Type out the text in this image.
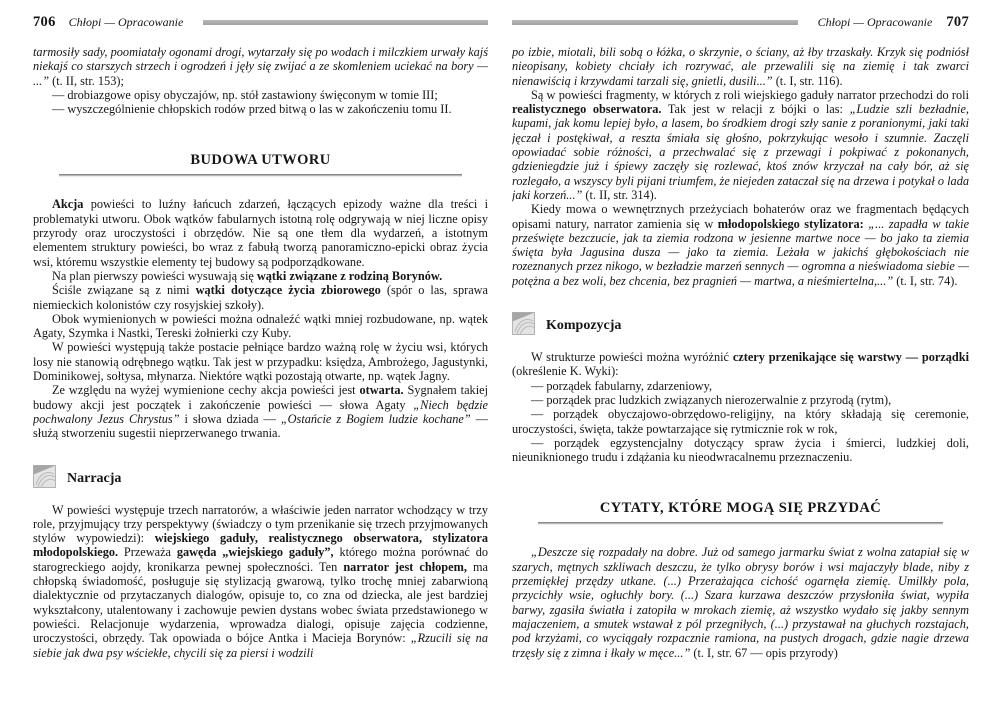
706 Chłopi — Opracowanie

tarmosiły sady, poomiatały ogonami drogi, wytarzały się po wodach i milczkiem urwały kajś niekajś co starszych strzech i ogrodzeń i jęły się zwijać a ze skomleniem uciekać na bory — ...” (t. II, str. 153);

— drobiazgowe opisy obyczajów, np. stół zastawiony święconym w tomie III;

— wyszczególnienie chłopskich rodów przed bitwą o las w zakończeniu tomu II.

BUDOWA UTWORU

Akcja powieści to luźny łańcuch zdarzeń, łączących epizody ważne dla treści i problematyki utworu. Obok wątków fabularnych istotną rolę odgrywają w niej liczne opisy przyrody oraz uroczystości i obrzędów. Nie są one tłem dla wydarzeń, a istotnym elementem struktury powieści, bo wraz z fabułą tworzą panoramiczno-epicki obraz życia wsi, któremu wszystkie elementy tej budowy są podporządkowane.

Na plan pierwszy powieści wysuwają się wątki związane z rodziną Borynów.

Ściśle związane są z nimi wątki dotyczące życia zbiorowego (spór o las, sprawa niemieckich kolonistów czy rosyjskiej szkoły).

Obok wymienionych w powieści można odnaleźć wątki mniej rozbudowane, np. wątek Agaty, Szymka i Nastki, Tereski żołnierki czy Kuby.

W powieści występują także postacie pełniące bardzo ważną rolę w życiu wsi, których losy nie stanowią odrębnego wątku. Tak jest w przypadku: księdza, Ambrożego, Jagustynki, Dominikowej, sołtysa, młynarza. Niektóre wątki pozostają otwarte, np. wątek Jagny.

Ze względu na wyżej wymienione cechy akcja powieści jest otwarta. Sygnałem takiej budowy akcji jest początek i zakończenie powieści — słowa Agaty „Niech będzie pochwalony Jezus Chrystus” i słowa dziada — „Ostańcie z Bogiem ludzie kochane” — służą stworzeniu sugestii nieprzerwanego trwania.

Narracja

W powieści występuje trzech narratorów, a właściwie jeden narrator wchodzący w trzy role, przyjmujący trzy perspektywy (świadczy o tym przenikanie się trzech przyjmowanych stylów wypowiedzi): wiejskiego gaduły, realistycznego obserwatora, stylizatora młodopolskiego. Przeważa gawęda „wiejskiego gaduły”, którego można porównać do starogreckiego aojdy, kronikarza pewnej społeczności. Ten narrator jest chłopem, ma chłopską świadomość, posługuje się stylizacją gwarową, tylko trochę mniej zabarwioną dialektycznie od przytaczanych dialogów, opisuje to, co zna od dziecka, ale jest bardziej wykształcony, utalentowany i zachowuje pewien dystans wobec świata przedstawionego w powieści. Relacjonuje wydarzenia, wprowadza dialogi, opisuje zajęcia codzienne, uroczystości, obrzędy. Tak opowiada o bójce Antka i Macieja Borynów: „Rzucili się na siebie jak dwa psy wściekłe, chycili się za piersi i wodzili

Chłopi — Opracowanie 707

po izbie, miotali, bili sobą o łóżka, o skrzynie, o ściany, aż łby trzaskały. Krzyk się podniósł nieopisany, kobiety chciały ich rozrywać, ale przewalili się na ziemię i tak zwarci nienawiścią i krzywdami tarzali się, gnietli, dusili...” (t. I, str. 116).

Są w powieści fragmenty, w których z roli wiejskiego gaduły narrator przechodzi do roli realistycznego obserwatora. Tak jest w relacji z bójki o las: „Ludzie szli bezładnie, kupami, jak komu lepiej było, a lasem, bo środkiem drogi szły sanie z poranionymi, jaki taki jęczał i postękiwał, a reszta śmiała się głośno, pokrzykując wesoło i szumnie. Zaczęli opowiadać sobie różności, a przechwalać się z przewagi i pokpiwać z pokonanych, gdzieniegdzie już i śpiewy zaczęły się rozlewać, ktoś znów krzyczał na cały bór, aż się rozlegało, a wszyscy byli pijani triumfem, że niejeden zataczał się na drzewa i potykał o lada jaki korzeń...” (t. II, str. 314).

Kiedy mowa o wewnętrznych przeżyciach bohaterów oraz we fragmentach będących opisami natury, narrator zamienia się w młodopolskiego stylizatora: „... zapadła w takie prześwięte bezczucie, jak ta ziemia rodzona w jesienne martwe noce — bo jako ta ziemia święta była Jagusina dusza — jako ta ziemia. Leżała w jakichś głębokościach nie rozeznanych przez nikogo, w bezładzie marzeń sennych — ogromna a nieświadoma siebie — potężna a bez woli, bez chcenia, bez pragnień — martwa, a nieśmiertelna,...” (t. I, str. 74).

Kompozycja

W strukturze powieści można wyróżnić cztery przenikające się warstwy — porządki (określenie K. Wyki):

— porządek fabularny, zdarzeniowy,

— porządek prac ludzkich związanych nierozerwalnie z przyrodą (rytm),

— porządek obyczajowo-obrzędowo-religijny, na który składają się ceremonie, uroczystości, święta, także powtarzające się rytmicznie rok w rok,

— porządek egzystencjalny dotyczący spraw życia i śmierci, ludzkiej doli, nieuniknionego trudu i zdążania ku nieodwracalnemu przeznaczeniu.

CYTATY, KTÓRE MOGĄ SIĘ PRZYDAĆ

„Deszcze się rozpadały na dobre. Już od samego jarmarku świat z wolna zatapiał się w szarych, mętnych szkliwach deszczu, że tylko obrysy borów i wsi majaczyły blade, niby z przemiękłej przędzy utkane. (...) Przerażająca cichość ogarnęła ziemię. Umilkły pola, przycichły wsie, ogłuchły bory. (...) Szara kurzawa deszczów przysłoniła świat, wypiła barwy, zgasiła światła i zatopiła w mrokach ziemię, aż wszystko wydało się jakby sennym majaczeniem, a smutek wstawał z pól przegniłych, (...) przystawał na głuchych rozstajach, pod krzyżami, co wyciągały rozpacznie ramiona, na pustych drogach, gdzie nagie drzewa trzęsły się z zimna i łkały w męce...” (t. I, str. 67 — opis przyrody)
